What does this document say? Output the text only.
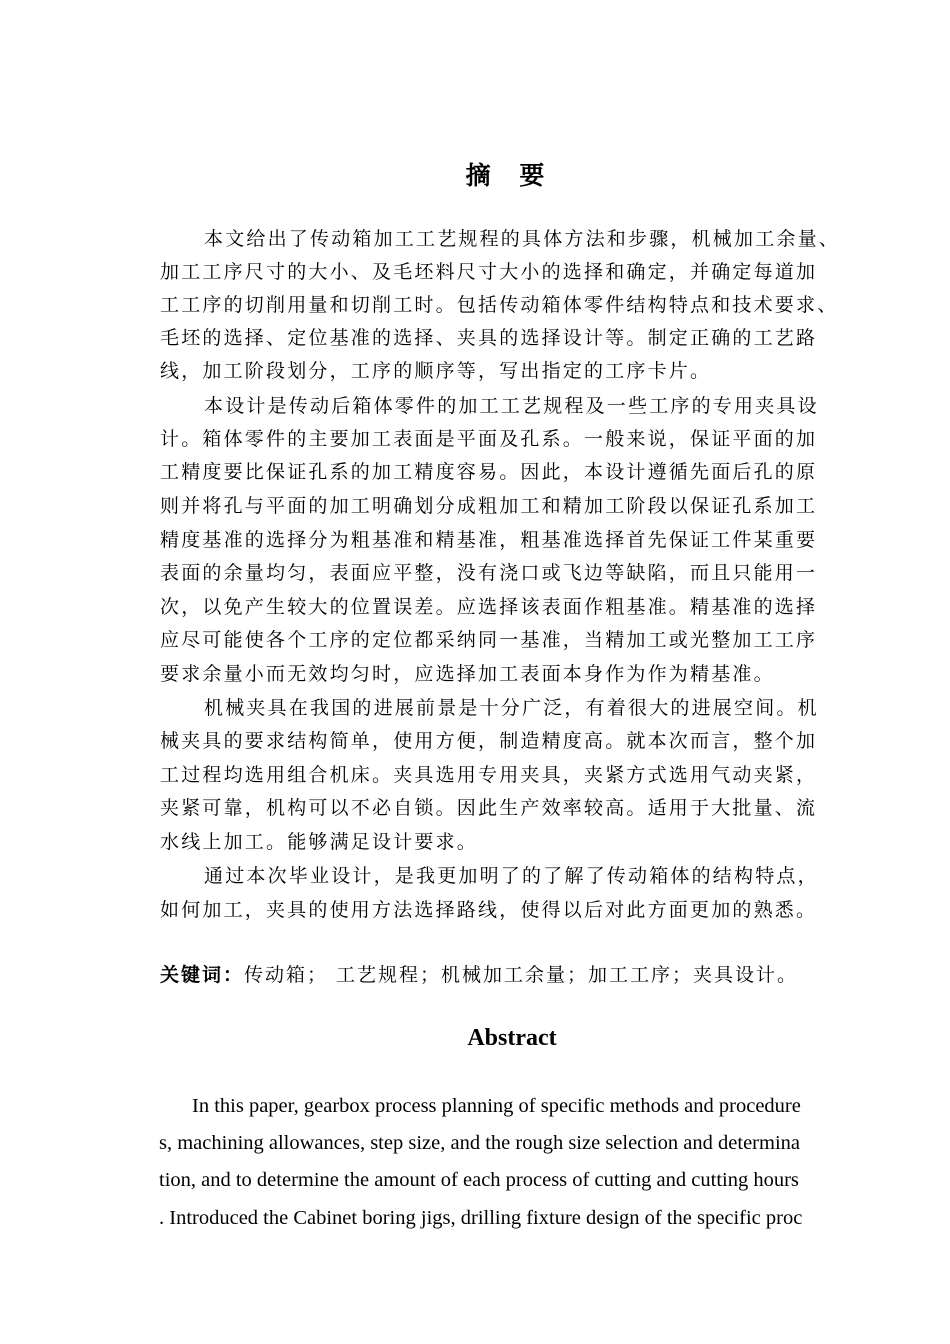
摘 要
本文给出了传动箱加工工艺规程的具体方法和步骤，机械加工余量、
加工工序尺寸的大小、及毛坯料尺寸大小的选择和确定，并确定每道加
工工序的切削用量和切削工时。包括传动箱体零件结构特点和技术要求、
毛坯的选择、定位基准的选择、夹具的选择设计等。制定正确的工艺路
线，加工阶段划分，工序的顺序等，写出指定的工序卡片。
本设计是传动后箱体零件的加工工艺规程及一些工序的专用夹具设
计。箱体零件的主要加工表面是平面及孔系。一般来说，保证平面的加
工精度要比保证孔系的加工精度容易。因此，本设计遵循先面后孔的原
则并将孔与平面的加工明确划分成粗加工和精加工阶段以保证孔系加工
精度基准的选择分为粗基准和精基准，粗基准选择首先保证工件某重要
表面的余量均匀，表面应平整，没有浇口或飞边等缺陷，而且只能用一
次，以免产生较大的位置误差。应选择该表面作粗基准。精基准的选择
应尽可能使各个工序的定位都采纳同一基准，当精加工或光整加工工序
要求余量小而无效均匀时，应选择加工表面本身作为作为精基准。
机械夹具在我国的进展前景是十分广泛，有着很大的进展空间。机
械夹具的要求结构简单，使用方便，制造精度高。就本次而言，整个加
工过程均选用组合机床。夹具选用专用夹具，夹紧方式选用气动夹紧，
夹紧可靠，机构可以不必自锁。因此生产效率较高。适用于大批量、流
水线上加工。能够满足设计要求。
通过本次毕业设计，是我更加明了的了解了传动箱体的结构特点，
如何加工，夹具的使用方法选择路线，使得以后对此方面更加的熟悉。
关键词：传动箱； 工艺规程；机械加工余量；加工工序；夹具设计。
Abstract
In this paper, gearbox process planning of specific methods and procedure
s, machining allowances, step size, and the rough size selection and determina
tion, and to determine the amount of each process of cutting and cutting hours
. Introduced the Cabinet boring jigs, drilling fixture design of the specific proc
